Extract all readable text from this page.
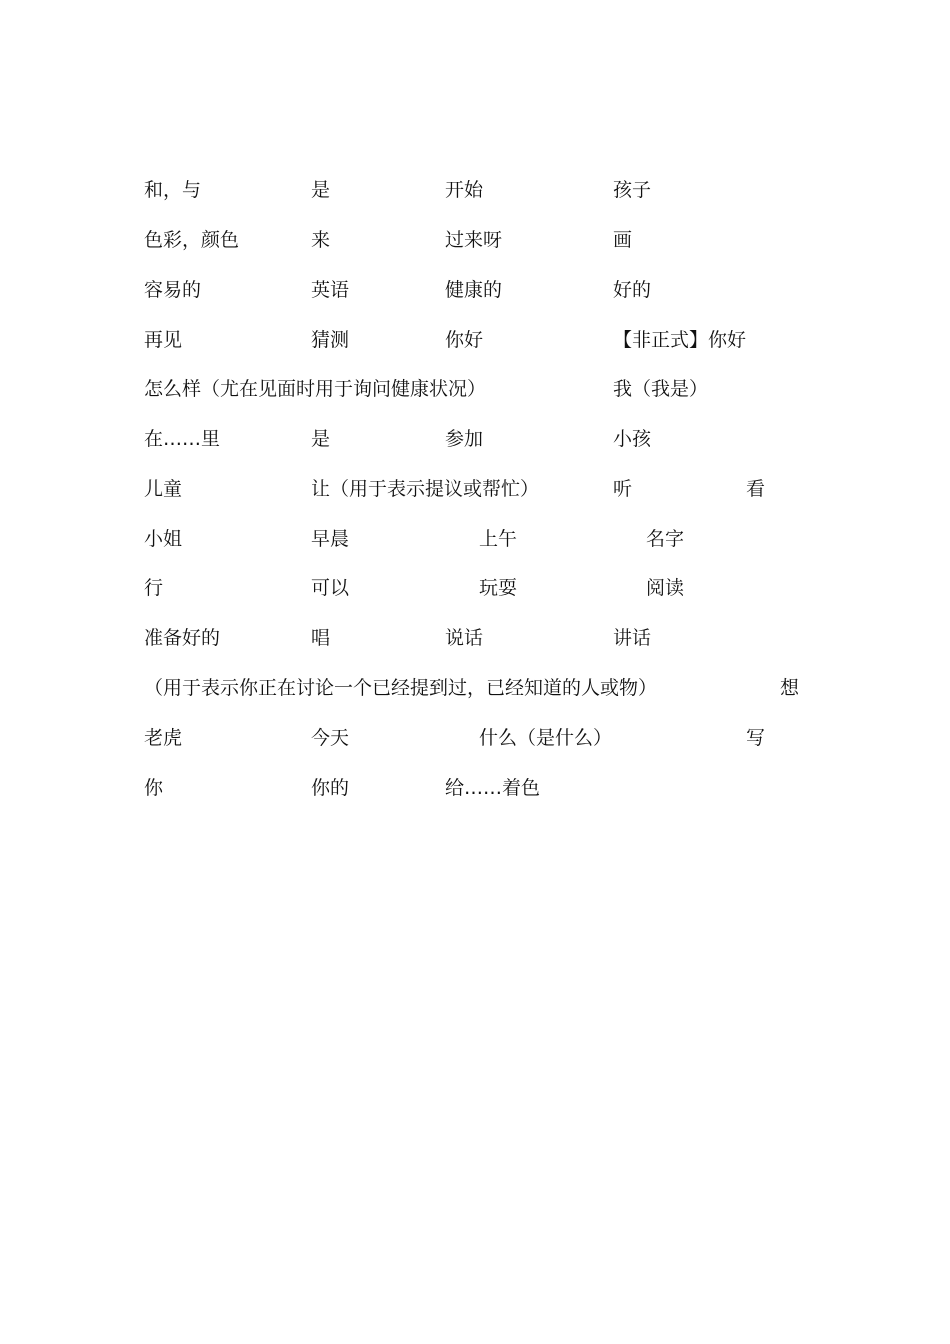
和，与	是	开始	孩子
色彩，颜色	来	过来呀	画
容易的	英语	健康的	好的
再见	猜测	你好	【非正式】你好
怎么样（尤在见面时用于询问健康状况）	我（我是）
在……里	是	参加	小孩
儿童	让（用于表示提议或帮忙）	听	看
小姐	早晨	上午	名字
行	可以	玩耍	阅读
准备好的	唱	说话	讲话
（用于表示你正在讨论一个已经提到过，已经知道的人或物）	想
老虎	今天	什么（是什么）	写
你	你的	给……着色
